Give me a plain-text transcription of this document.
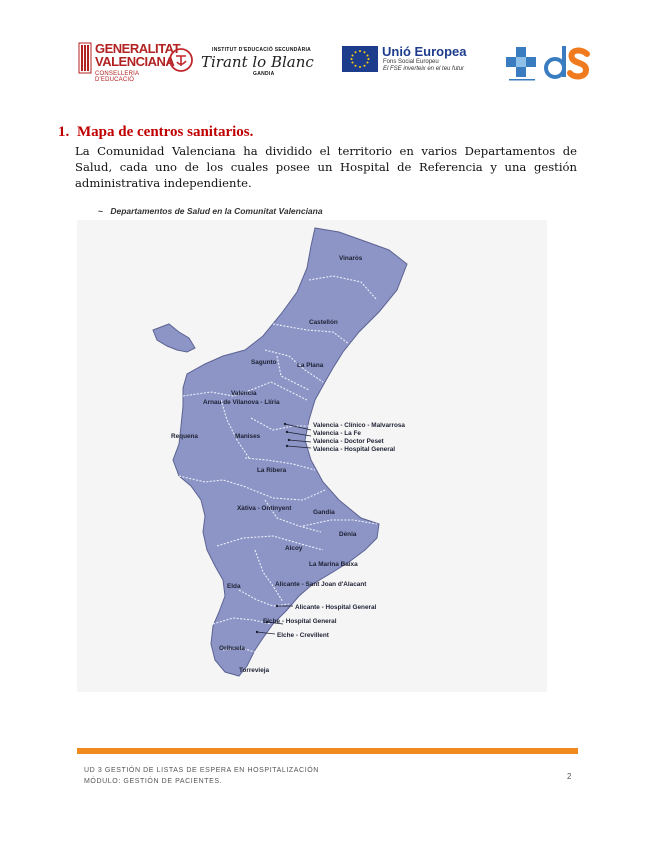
GENERALITAT
VALENCIANA
CONSELLERIA D'EDUCACIÓ
INSTITUT D'EDUCACIÓ SECUNDÀRIA
Tirant lo Blanc
GANDIA
Unió Europea
Fons Social Europeu
El FSE inverteix en el teu futur
1. Mapa de centros sanitarios.
La Comunidad Valenciana ha dividido el territorio en varios Departamentos de Salud, cada uno de los cuales posee un Hospital de Referencia y una gestión administrativa independiente.
~ Departamentos de Salud en la Comunitat Valenciana
Vinaròs
Castellón
Sagunto	La Plana
Valencia
Arnau de Vilanova - Llíria
Requena	Manises
Valencia - Clínico - Malvarrosa
Valencia - La Fe
Valencia - Doctor Peset
Valencia - Hospital General
La Ribera
Xàtiva - Ontinyent
Gandia
Dénia
Alcoy
La Marina Baixa
Elda	Alicante - Sant Joan d'Alacant
Alicante - Hospital General
Elche - Hospital General
Elche - Crevillent
Orihuela
Torrevieja
UD 3 GESTIÓN DE LISTAS DE ESPERA EN HOSPITALIZACIÓN
MÓDULO: GESTIÓN DE PACIENTES.
2
